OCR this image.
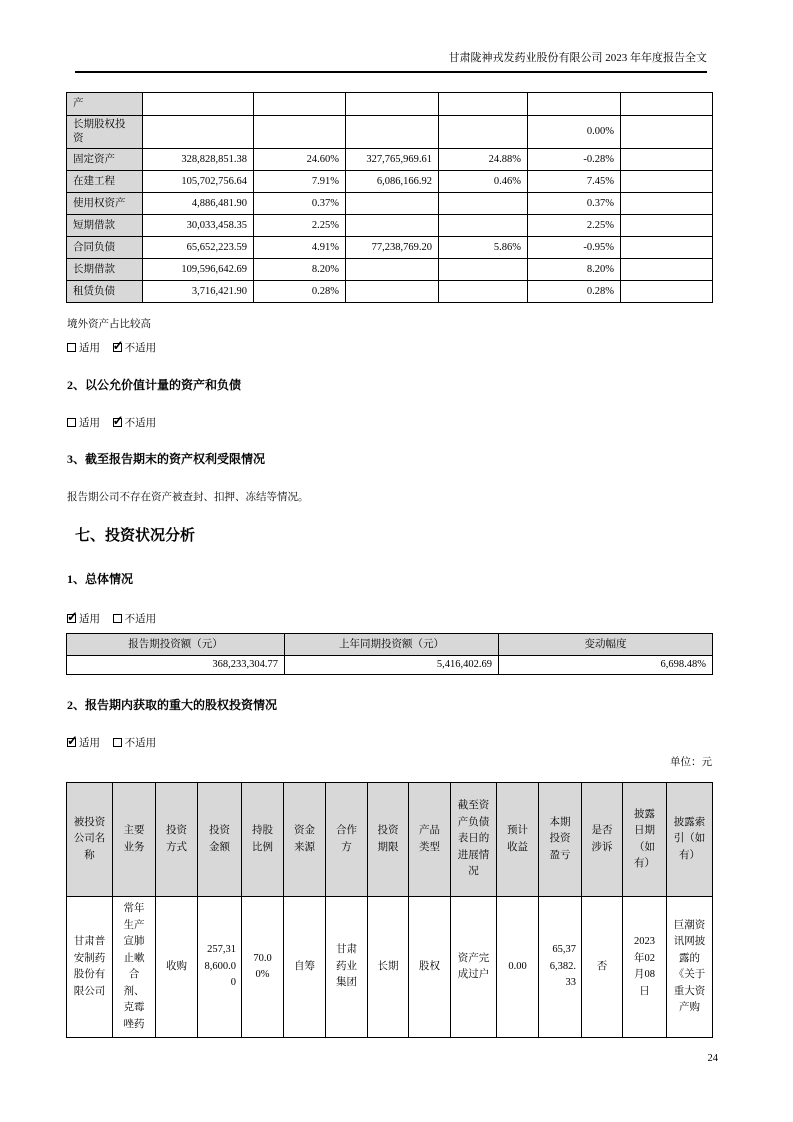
甘肃陇神戎发药业股份有限公司 2023 年年度报告全文
产						
长期股权投资					0.00%	
固定资产	328,828,851.38	24.60%	327,765,969.61	24.88%	-0.28%	
在建工程	105,702,756.64	7.91%	6,086,166.92	0.46%	7.45%	
使用权资产	4,886,481.90	0.37%			0.37%	
短期借款	30,033,458.35	2.25%			2.25%	
合同负债	65,652,223.59	4.91%	77,238,769.20	5.86%	-0.95%	
长期借款	109,596,642.69	8.20%			8.20%	
租赁负债	3,716,421.90	0.28%			0.28%	
境外资产占比较高
适用 ✓ 不适用
2、以公允价值计量的资产和负债
适用 ✓ 不适用
3、截至报告期末的资产权利受限情况
报告期公司不存在资产被查封、扣押、冻结等情况。
七、投资状况分析
1、总体情况
✓适用 不适用
报告期投资额（元）	上年同期投资额（元）	变动幅度
368,233,304.77	5,416,402.69	6,698.48%
2、报告期内获取的重大的股权投资情况
✓适用 不适用
单位：元
被投资公司名称	主要业务	投资方式	投资金额	持股比例	资金来源	合作方	投资期限	产品类型	截至资产负债表日的进展情况	预计收益	本期投资盈亏	是否涉诉	披露日期（如有）	披露索引（如有）
甘肃普安制药股份有限公司	常年生产宣肺止嗽合剂、克霉唑药	收购	257,318,600.00	70.00%	自筹	甘肃药业集团	长期	股权	资产完成过户	0.00	65,376,382.33	否	2023年02月08日	巨潮资讯网披露的《关于重大资产购
24
